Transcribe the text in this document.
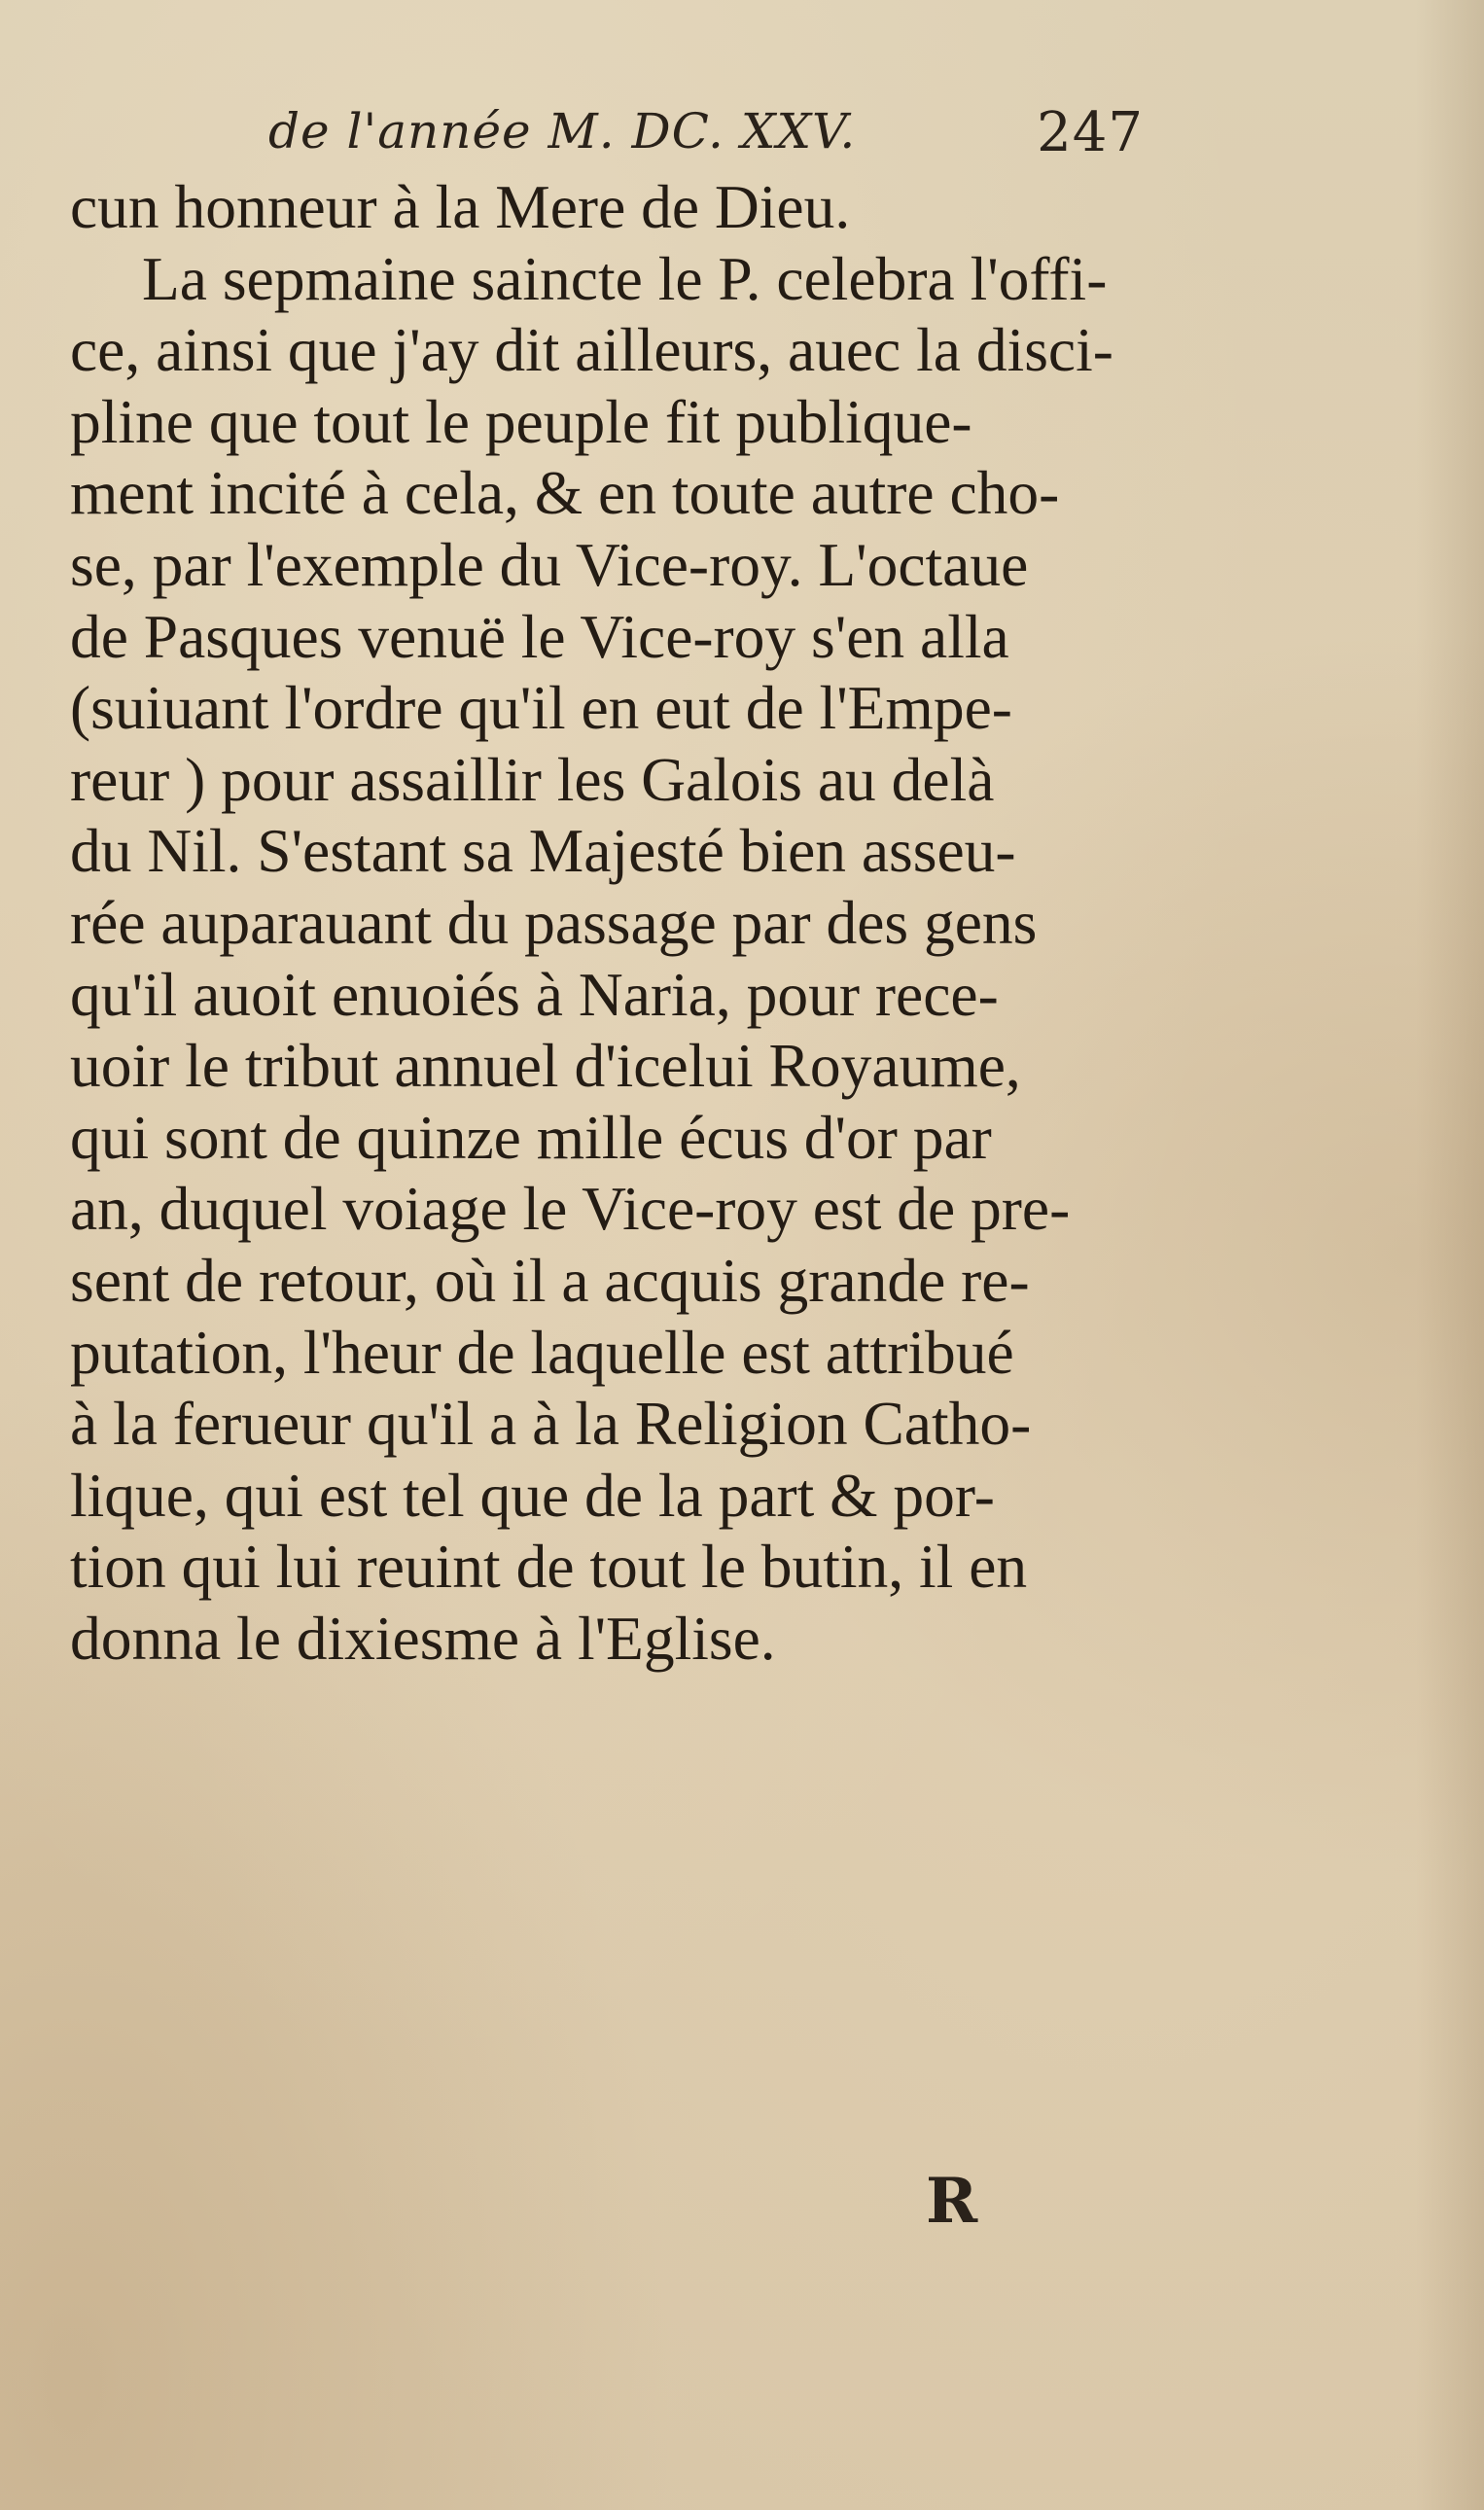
de l'année M. DC. XXV.	247
cun honneur à la Mere de Dieu.
La sepmaine saincte le P. celebra l'offi-
ce, ainsi que j'ay dit ailleurs, auec la disci-
pline que tout le peuple fit publique-
ment incité à cela, & en toute autre cho-
se, par l'exemple du Vice-roy. L'octaue
de Pasques venuë le Vice-roy s'en alla
(suiuant l'ordre qu'il en eut de l'Empe-
reur ) pour assaillir les Galois au delà
du Nil. S'estant sa Majesté bien asseu-
rée auparauant du passage par des gens
qu'il auoit enuoiés à Naria, pour rece-
uoir le tribut annuel d'icelui Royaume,
qui sont de quinze mille écus d'or par
an, duquel voiage le Vice-roy est de pre-
sent de retour, où il a acquis grande re-
putation, l'heur de laquelle est attribué
à la ferueur qu'il a à la Religion Catho-
lique, qui est tel que de la part & por-
tion qui lui reuint de tout le butin, il en
donna le dixiesme à l'Eglise.
R
